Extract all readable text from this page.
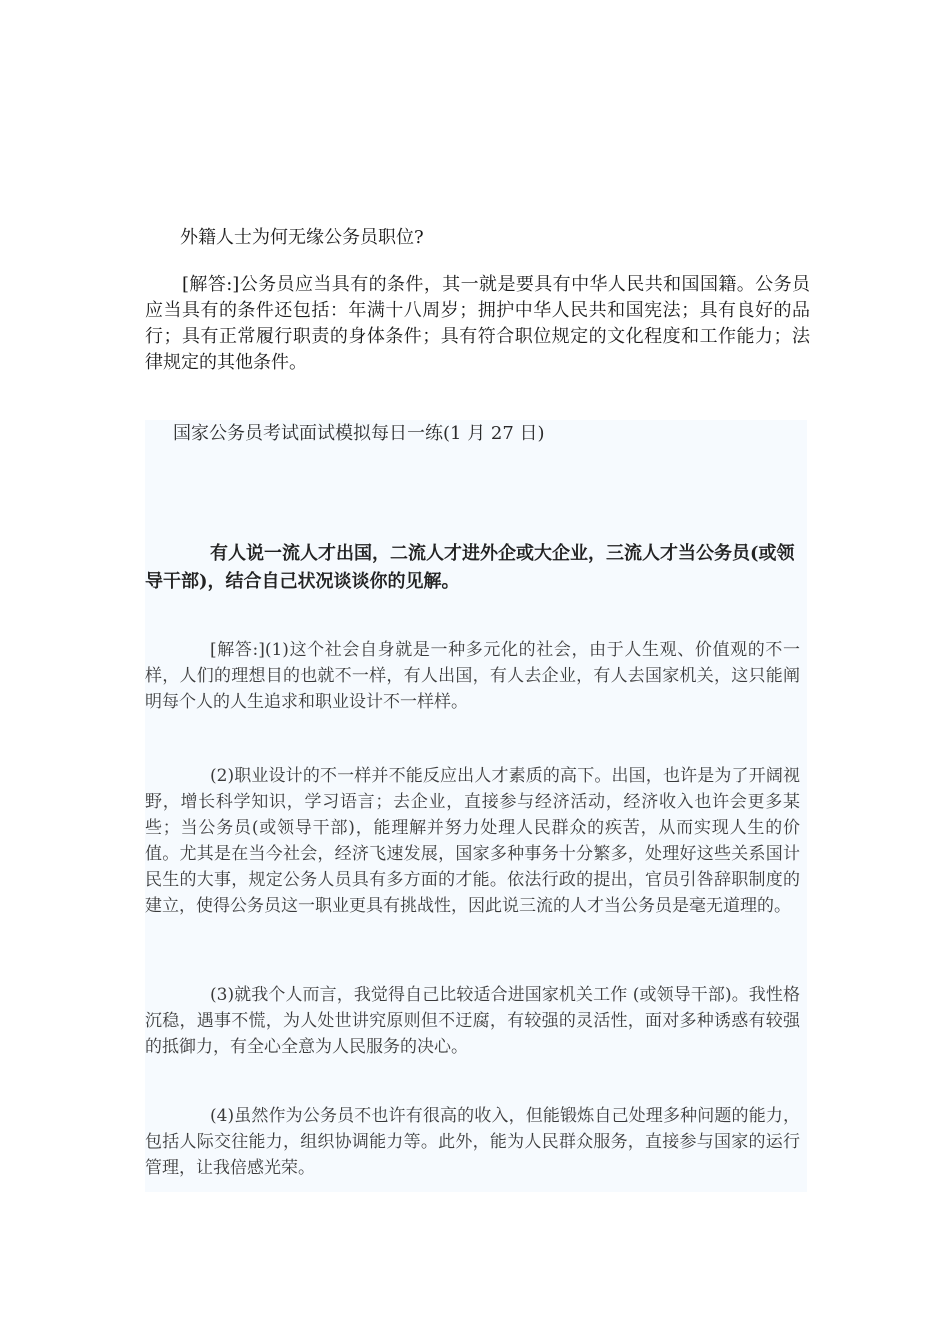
外籍人士为何无缘公务员职位?
[解答:]公务员应当具有的条件，其一就是要具有中华人民共和国国籍。公务员应当具有的条件还包括：年满十八周岁；拥护中华人民共和国宪法；具有良好的品行；具有正常履行职责的身体条件；具有符合职位规定的文化程度和工作能力；法律规定的其他条件。
国家公务员考试面试模拟每日一练(1 月 27 日)
有人说一流人才出国，二流人才进外企或大企业，三流人才当公务员(或领导干部)，结合自己状况谈谈你的见解。
[解答:](1)这个社会自身就是一种多元化的社会，由于人生观、价值观的不一样，人们的理想目的也就不一样，有人出国，有人去企业，有人去国家机关，这只能阐明每个人的人生追求和职业设计不一样样。
(2)职业设计的不一样并不能反应出人才素质的高下。出国，也许是为了开阔视野，增长科学知识，学习语言；去企业，直接参与经济活动，经济收入也许会更多某些；当公务员(或领导干部)，能理解并努力处理人民群众的疾苦，从而实现人生的价值。尤其是在当今社会，经济飞速发展，国家多种事务十分繁多，处理好这些关系国计民生的大事，规定公务人员具有多方面的才能。依法行政的提出，官员引咎辞职制度的建立，使得公务员这一职业更具有挑战性，因此说三流的人才当公务员是毫无道理的。
(3)就我个人而言，我觉得自己比较适合进国家机关工作 (或领导干部)。我性格沉稳，遇事不慌，为人处世讲究原则但不迂腐，有较强的灵活性，面对多种诱惑有较强的抵御力，有全心全意为人民服务的决心。
(4)虽然作为公务员不也许有很高的收入，但能锻炼自己处理多种问题的能力，包括人际交往能力，组织协调能力等。此外，能为人民群众服务，直接参与国家的运行管理，让我倍感光荣。
